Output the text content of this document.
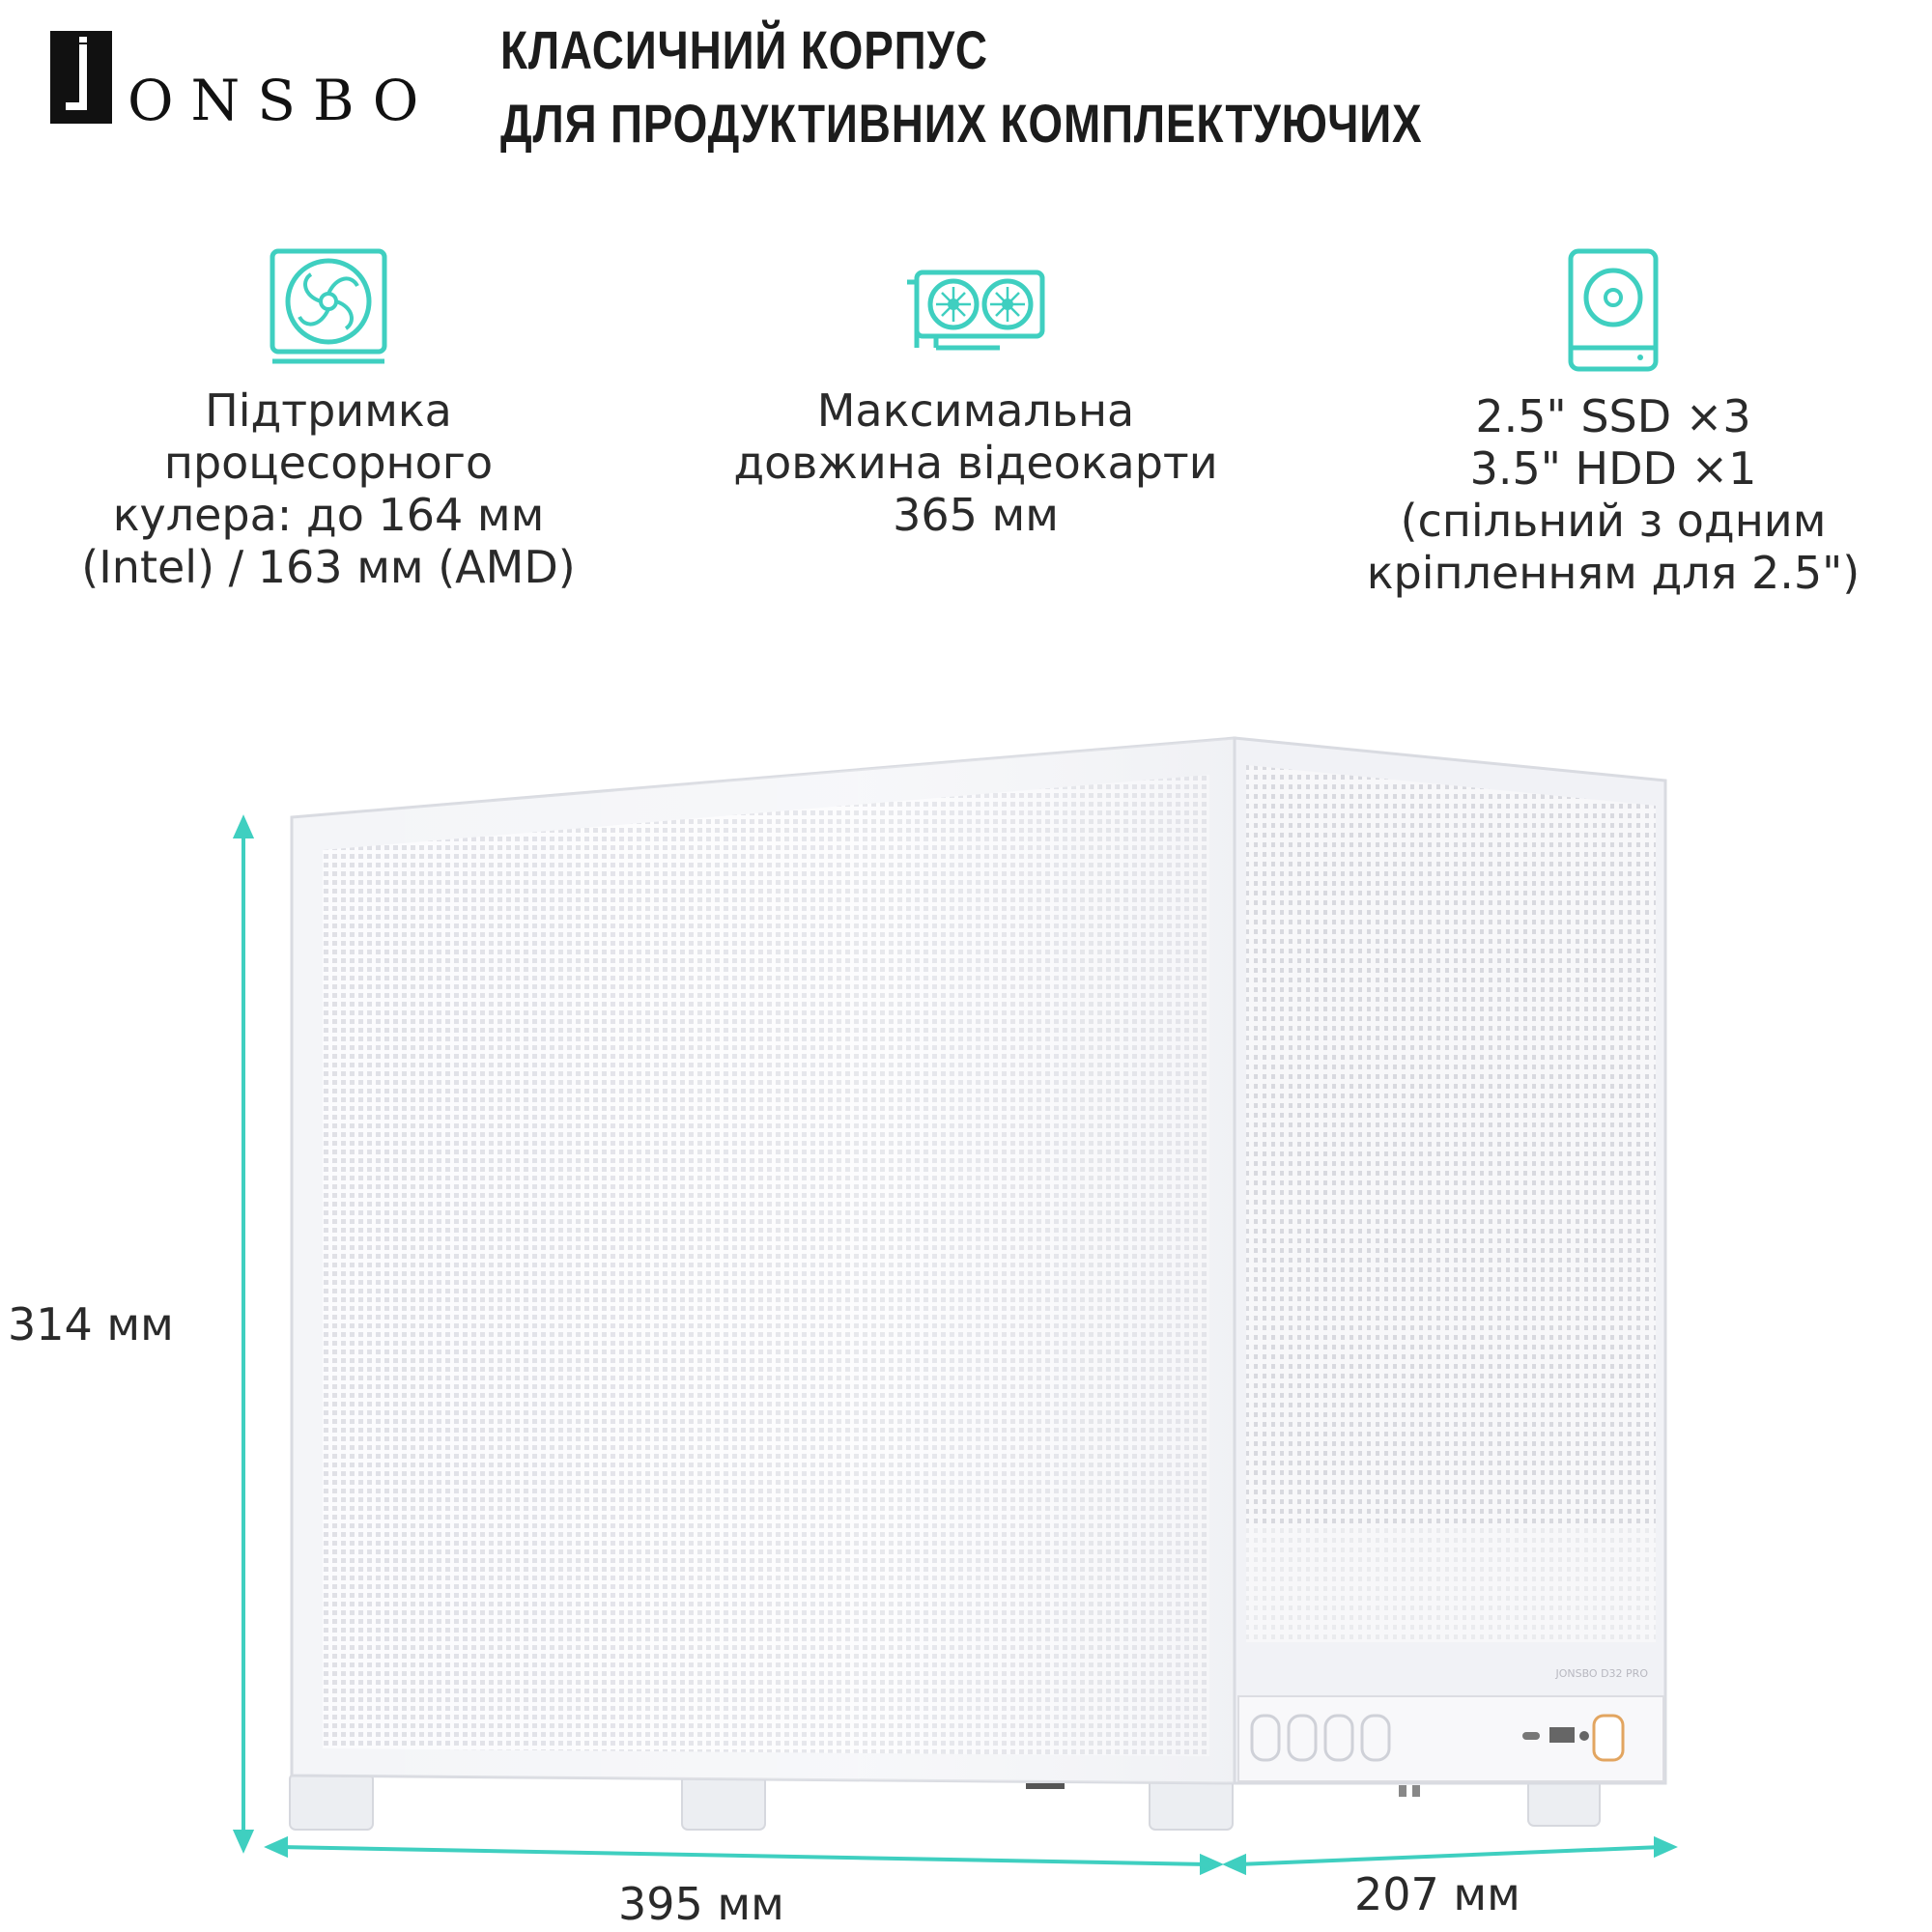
ONSBO
КЛАСИЧНИЙ КОРПУС
ДЛЯ ПРОДУКТИВНИХ КОМПЛЕКТУЮЧИХ
Підтримка
процесорного
кулера: до 164 мм
(Intel) / 163 мм (AMD)
Максимальна
довжина відеокарти
365 мм
2.5" SSD ×3
3.5" HDD ×1
(спільний з одним
кріпленням для 2.5")
JONSBO D32 PRO
314 мм
395 мм	207 мм
